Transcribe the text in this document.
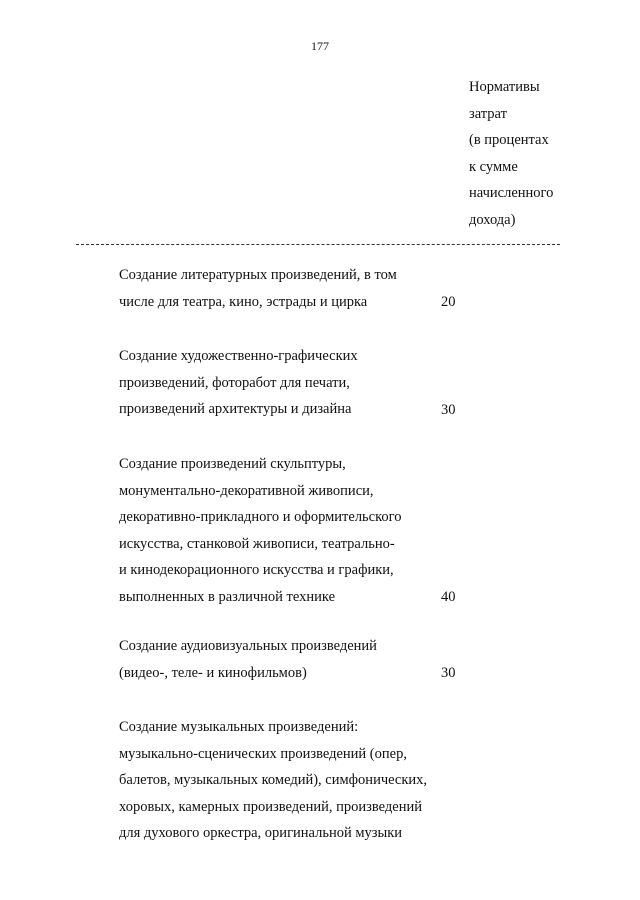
177
Нормативы
затрат
(в процентах
к сумме
начисленного
дохода)
Создание литературных произведений, в том
числе для театра, кино, эстрады и цирка	20
Создание художественно-графических
произведений, фоторабот для печати,
произведений архитектуры и дизайна	30
Создание произведений скульптуры,
монументально-декоративной живописи,
декоративно-прикладного и оформительского
искусства, станковой живописи, театрально-
и кинодекорационного искусства и графики,
выполненных в различной технике	40
Создание аудиовизуальных произведений
(видео-, теле- и кинофильмов)	30
Создание музыкальных произведений:
музыкально-сценических произведений (опер,
балетов, музыкальных комедий), симфонических,
хоровых, камерных произведений, произведений
для духового оркестра, оригинальной музыки
